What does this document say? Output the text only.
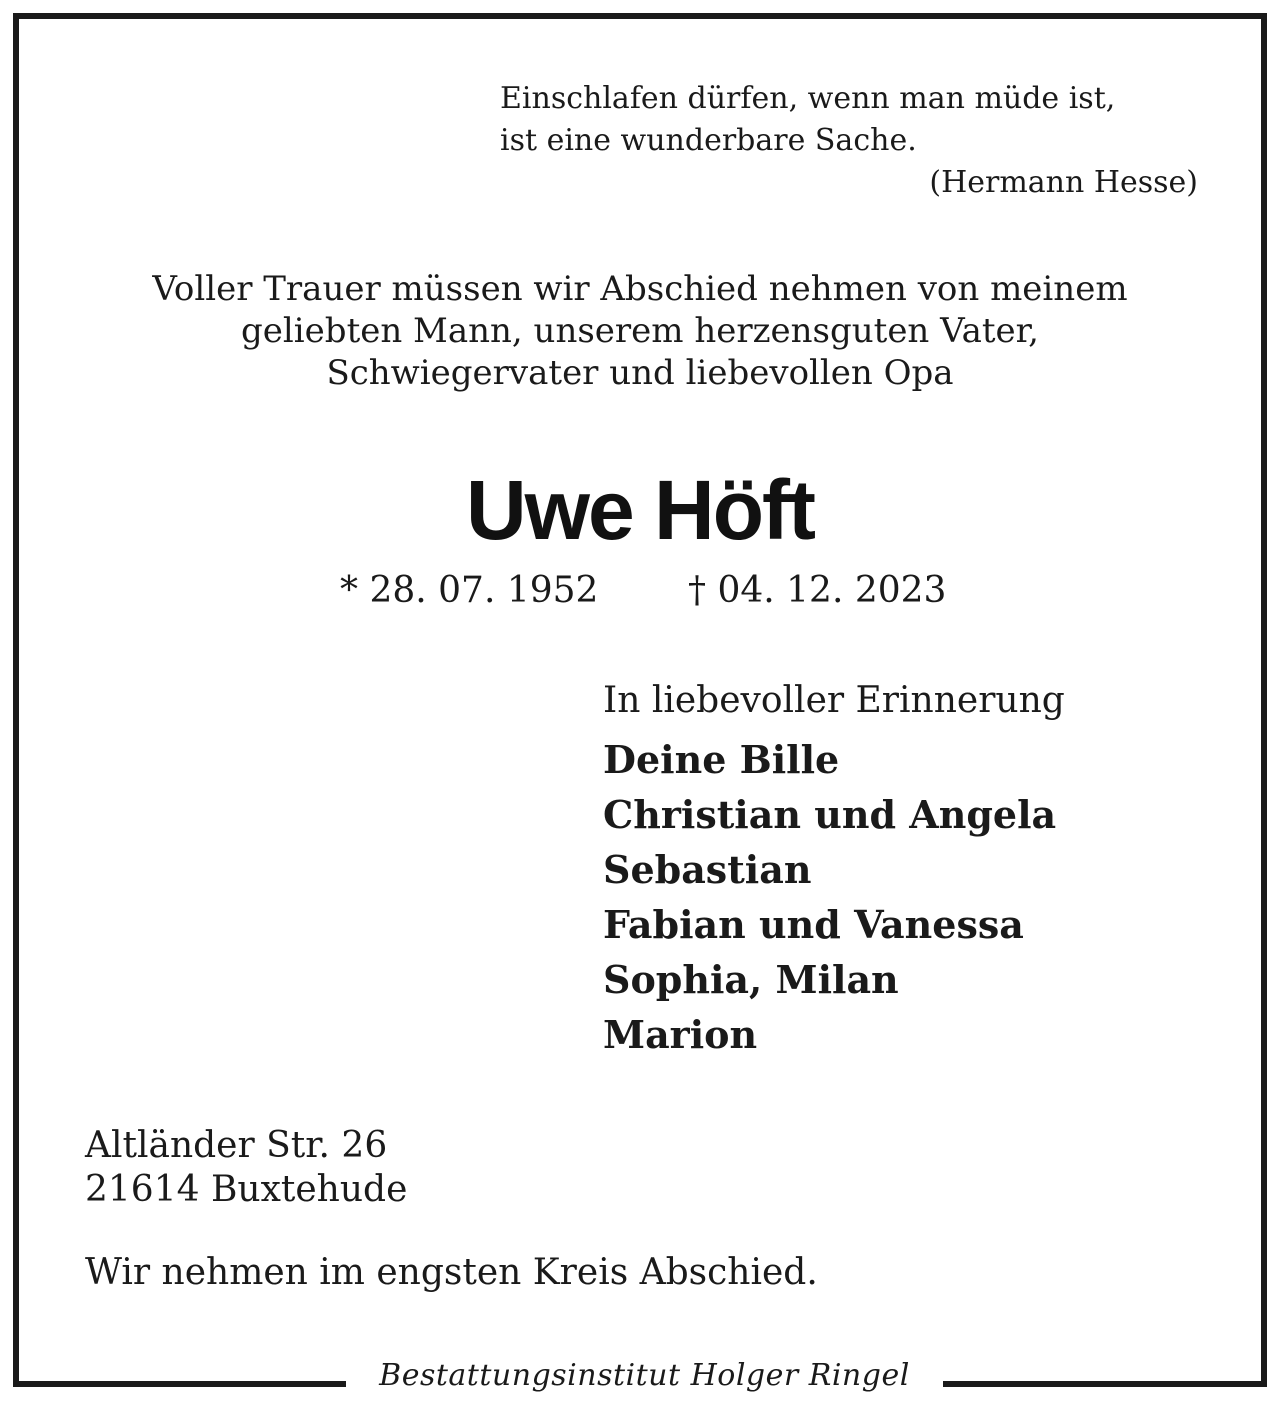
Einschlafen dürfen, wenn man müde ist,
ist eine wunderbare Sache.
(Hermann Hesse)
Voller Trauer müssen wir Abschied nehmen von meinem
geliebten Mann, unserem herzensguten Vater,
Schwiegervater und liebevollen Opa
Uwe Höft
* 28. 07. 1952 † 04. 12. 2023
In liebevoller Erinnerung
Deine Bille
Christian und Angela
Sebastian
Fabian und Vanessa
Sophia, Milan
Marion
Altländer Str. 26
21614 Buxtehude
Wir nehmen im engsten Kreis Abschied.
Bestattungsinstitut Holger Ringel
